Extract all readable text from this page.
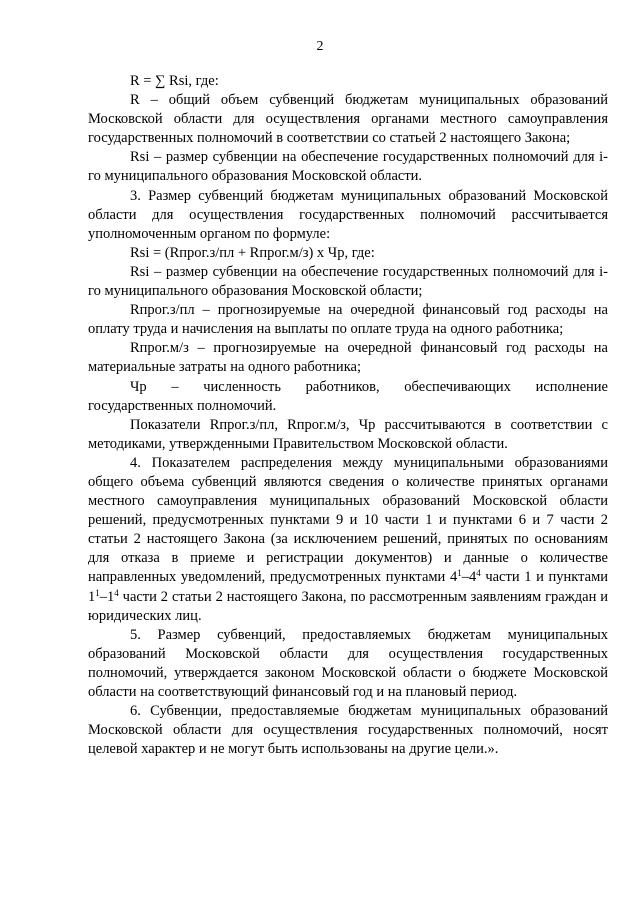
2

R = ∑ Rsi, где:

R – общий объем субвенций бюджетам муниципальных образований Московской области для осуществления органами местного самоуправления государственных полномочий в соответствии со статьей 2 настоящего Закона;

Rsi – размер субвенции на обеспечение государственных полномочий для i-го муниципального образования Московской области.

3. Размер субвенций бюджетам муниципальных образований Московской области для осуществления государственных полномочий рассчитывается уполномоченным органом по формуле:

Rsi = (Rпрог.з/пл + Rпрог.м/з) x Чр, где:

Rsi – размер субвенции на обеспечение государственных полномочий для i-го муниципального образования Московской области;

Rпрог.з/пл – прогнозируемые на очередной финансовый год расходы на оплату труда и начисления на выплаты по оплате труда на одного работника;

Rпрог.м/з – прогнозируемые на очередной финансовый год расходы на материальные затраты на одного работника;

Чр – численность работников, обеспечивающих исполнение государственных полномочий.

Показатели Rпрог.з/пл, Rпрог.м/з, Чр рассчитываются в соответствии с методиками, утвержденными Правительством Московской области.

4. Показателем распределения между муниципальными образованиями общего объема субвенций являются сведения о количестве принятых органами местного самоуправления муниципальных образований Московской области решений, предусмотренных пунктами 9 и 10 части 1 и пунктами 6 и 7 части 2 статьи 2 настоящего Закона (за исключением решений, принятых по основаниям для отказа в приеме и регистрации документов) и данные о количестве направленных уведомлений, предусмотренных пунктами $4^1-4^4$ части 1 и пунктами $1^1-1^4$ части 2 статьи 2 настоящего Закона, по рассмотренным заявлениям граждан и юридических лиц.

5. Размер субвенций, предоставляемых бюджетам муниципальных образований Московской области для осуществления государственных полномочий, утверждается законом Московской области о бюджете Московской области на соответствующий финансовый год и на плановый период.

6. Субвенции, предоставляемые бюджетам муниципальных образований Московской области для осуществления государственных полномочий, носят целевой характер и не могут быть использованы на другие цели.».
